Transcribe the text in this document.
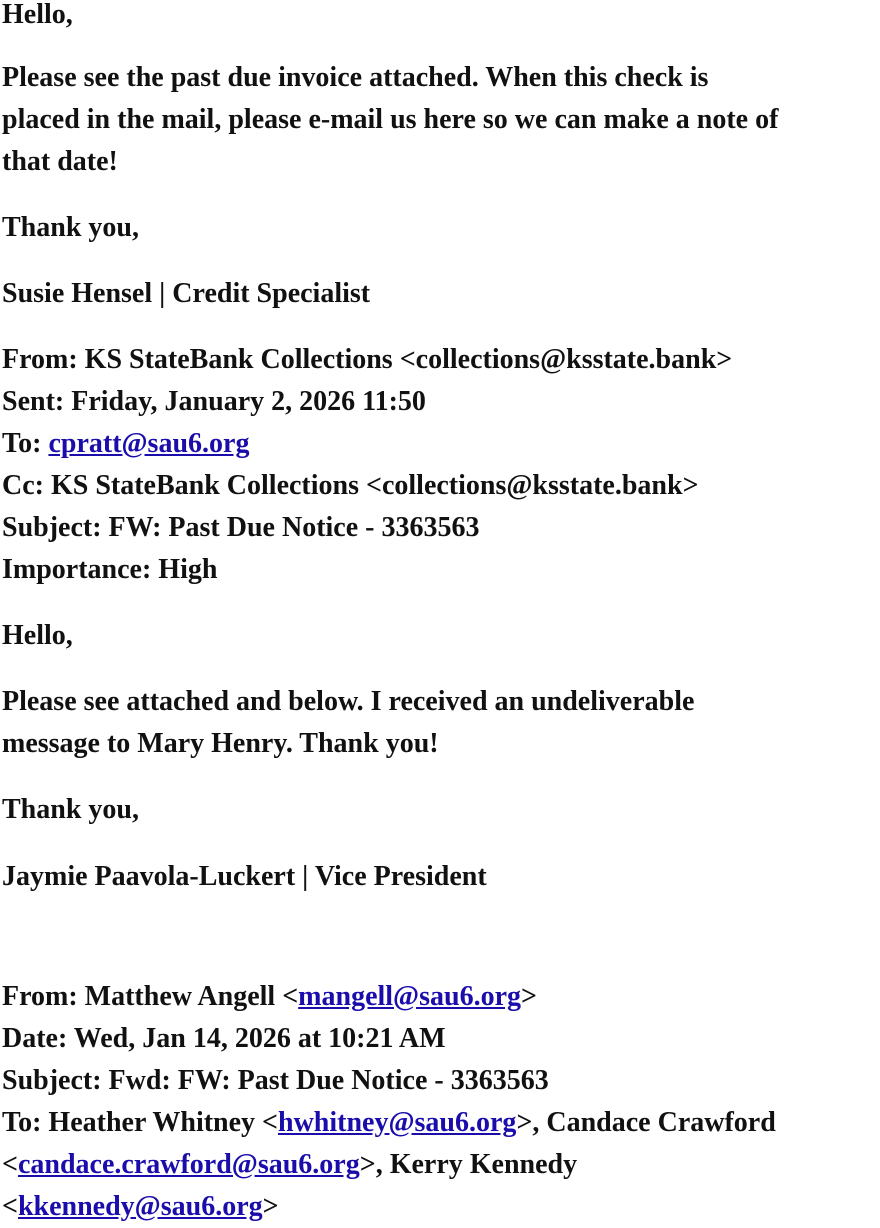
Hello,

Please see the past due invoice attached. When this check is

placed in the mail, please e-mail us here so we can make a note of

that date!

Thank you,

Susie Hensel | Credit Specialist

From: KS StateBank Collections <collections@ksstate.bank>

Sent: Friday, January 2, 2026 11:50

To: cpratt@sau6.org

Cc: KS StateBank Collections <collections@ksstate.bank>

Subject: FW: Past Due Notice - 3363563

Importance: High

Hello,

Please see attached and below. I received an undeliverable

message to Mary Henry. Thank you!

Thank you,

Jaymie Paavola-Luckert | Vice President

From: Matthew Angell <mangell@sau6.org>

Date: Wed, Jan 14, 2026 at 10:21 AM

Subject: Fwd: FW: Past Due Notice - 3363563

To: Heather Whitney <hwhitney@sau6.org>, Candace Crawford

<candace.crawford@sau6.org>, Kerry Kennedy

<kkennedy@sau6.org>
